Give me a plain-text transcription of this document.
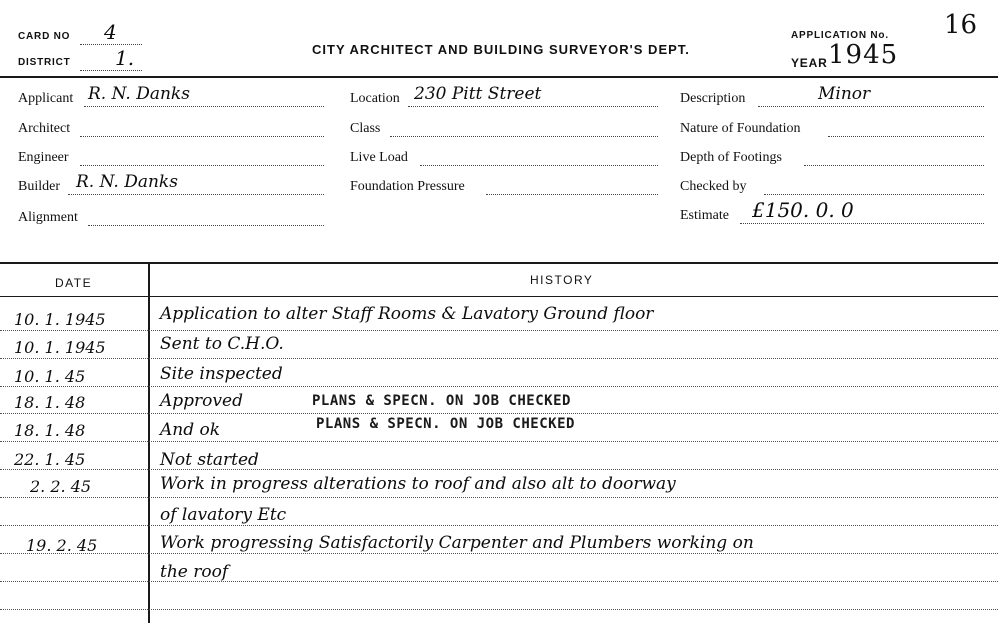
CARD NO 4
DISTRICT 1.	CITY ARCHITECT AND BUILDING SURVEYOR'S DEPT.
APPLICATION No. 16
YEAR 1945
Applicant R. N. Danks
Architect
Engineer
Builder R. N. Danks
Alignment
Location 230 Pitt Street
Class
Live Load
Foundation Pressure
Description	Minor
Nature of Foundation
Depth of Footings
Checked by
Estimate £150. 0. 0
DATE	HISTORY
10. 1. 1945	Application to alter Staff Rooms & Lavatory Ground floor
10. 1. 1945	Sent to C.H.O.
10. 1. 45	Site inspected
18. 1. 48	Approved	PLANS & SPECN. ON JOB CHECKED
18. 1. 48	And ok	PLANS & SPECN. ON JOB CHECKED
22. 1. 45	Not started
2. 2. 45	Work in progress alterations to roof and also alt to doorway
of lavatory Etc
19. 2. 45	Work progressing Satisfactorily Carpenter and Plumbers working on
the roof
